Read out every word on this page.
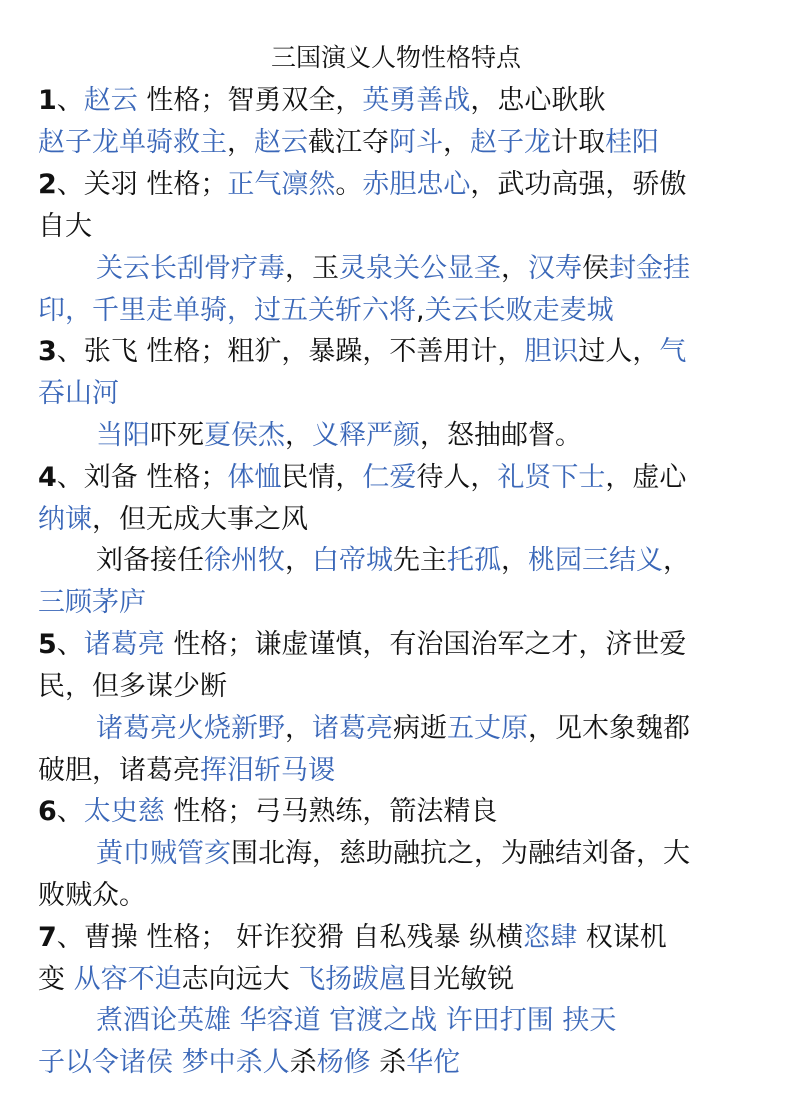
三国演义人物性格特点
1、赵云 性格；智勇双全，英勇善战，忠心耿耿
赵子龙单骑救主，赵云截江夺阿斗，赵子龙计取桂阳
2、关羽 性格；正气凛然。赤胆忠心，武功高强，骄傲
自大
关云长刮骨疗毒，玉灵泉关公显圣，汉寿侯封金挂
印，千里走单骑，过五关斩六将,关云长败走麦城
3、张飞 性格；粗犷，暴躁，不善用计，胆识过人，气
吞山河
当阳吓死夏侯杰，义释严颜，怒抽邮督。
4、刘备 性格；体恤民情，仁爱待人，礼贤下士，虚心
纳谏，但无成大事之风
刘备接任徐州牧，白帝城先主托孤，桃园三结义，
三顾茅庐
5、诸葛亮 性格；谦虚谨慎，有治国治军之才，济世爱
民，但多谋少断
诸葛亮火烧新野，诸葛亮病逝五丈原，见木象魏都
破胆，诸葛亮挥泪斩马谡
6、太史慈 性格；弓马熟练，箭法精良
黄巾贼管亥围北海，慈助融抗之，为融结刘备，大
败贼众。
7、曹操 性格； 奸诈狡猾 自私残暴 纵横恣肆 权谋机
变 从容不迫志向远大 飞扬跋扈目光敏锐
煮酒论英雄 华容道 官渡之战 许田打围 挟天
子以令诸侯 梦中杀人杀杨修 杀华佗
